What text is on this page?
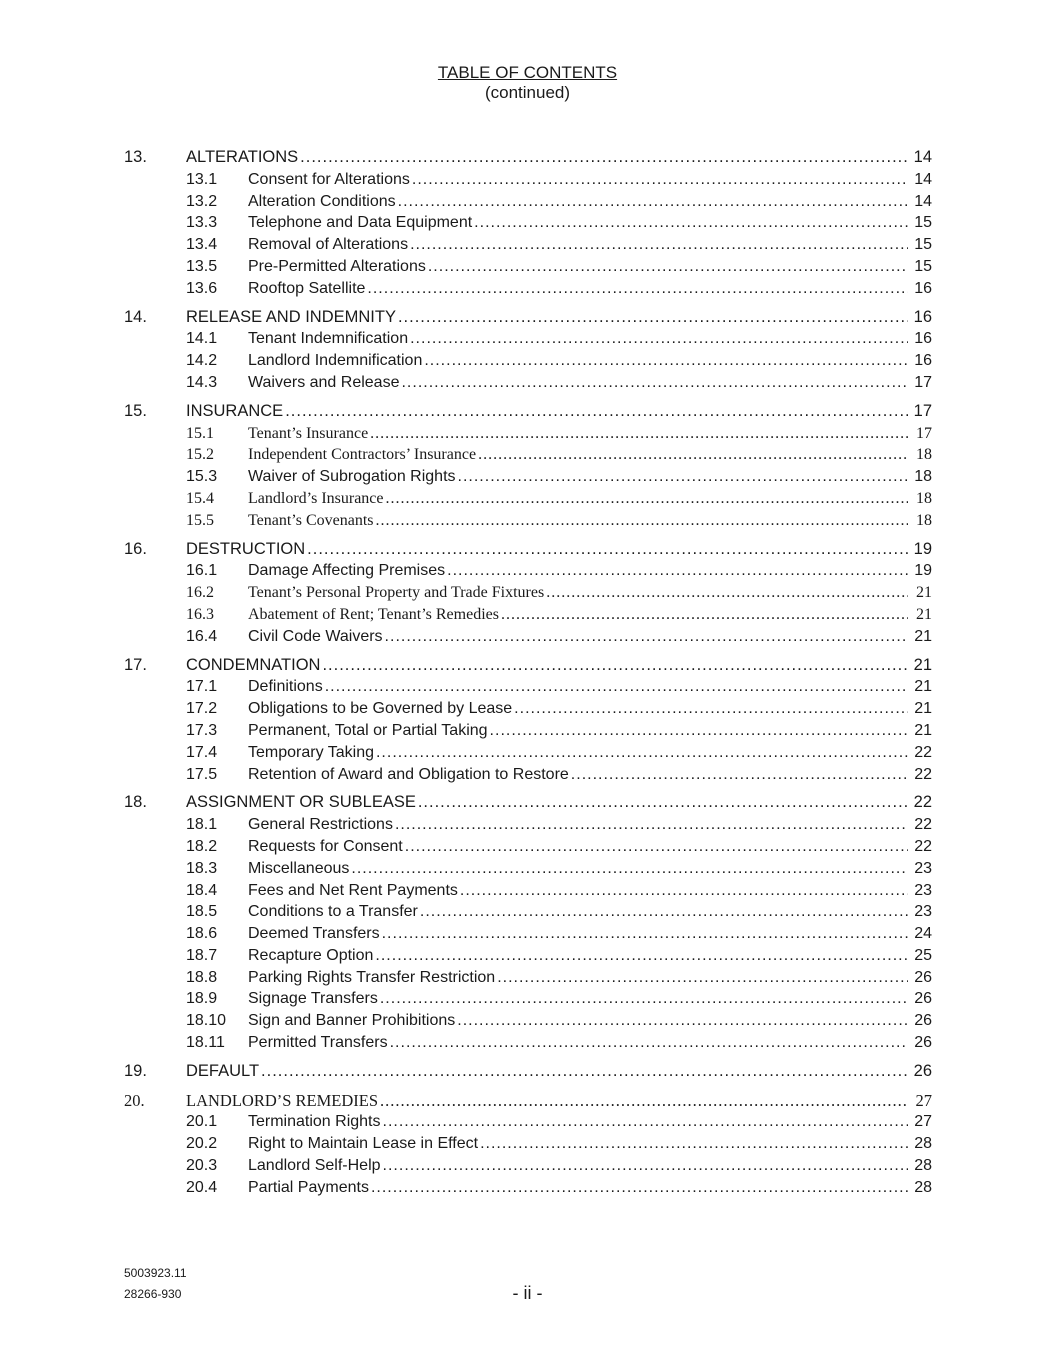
TABLE OF CONTENTS
(continued)
13.	ALTERATIONS .....	14
13.1	Consent for Alterations .....	14
13.2	Alteration Conditions .....	14
13.3	Telephone and Data Equipment .....	15
13.4	Removal of Alterations .....	15
13.5	Pre-Permitted Alterations .....	15
13.6	Rooftop Satellite .....	16
14.	RELEASE AND INDEMNITY .....	16
14.1	Tenant Indemnification .....	16
14.2	Landlord Indemnification .....	16
14.3	Waivers and Release .....	17
15.	INSURANCE .....	17
15.1	Tenant’s Insurance .....	17
15.2	Independent Contractors’ Insurance .....	18
15.3	Waiver of Subrogation Rights .....	18
15.4	Landlord’s Insurance .....	18
15.5	Tenant’s Covenants .....	18
16.	DESTRUCTION .....	19
16.1	Damage Affecting Premises .....	19
16.2	Tenant’s Personal Property and Trade Fixtures .....	21
16.3	Abatement of Rent; Tenant’s Remedies .....	21
16.4	Civil Code Waivers .....	21
17.	CONDEMNATION .....	21
17.1	Definitions .....	21
17.2	Obligations to be Governed by Lease .....	21
17.3	Permanent, Total or Partial Taking .....	21
17.4	Temporary Taking .....	22
17.5	Retention of Award and Obligation to Restore .....	22
18.	ASSIGNMENT OR SUBLEASE .....	22
18.1	General Restrictions .....	22
18.2	Requests for Consent .....	22
18.3	Miscellaneous .....	23
18.4	Fees and Net Rent Payments .....	23
18.5	Conditions to a Transfer .....	23
18.6	Deemed Transfers .....	24
18.7	Recapture Option .....	25
18.8	Parking Rights Transfer Restriction .....	26
18.9	Signage Transfers .....	26
18.10	Sign and Banner Prohibitions .....	26
18.11	Permitted Transfers .....	26
19.	DEFAULT .....	26
20.	LANDLORD’S REMEDIES .....	27
20.1	Termination Rights .....	27
20.2	Right to Maintain Lease in Effect .....	28
20.3	Landlord Self-Help .....	28
20.4	Partial Payments .....	28
5003923.11
28266-930	- ii -
